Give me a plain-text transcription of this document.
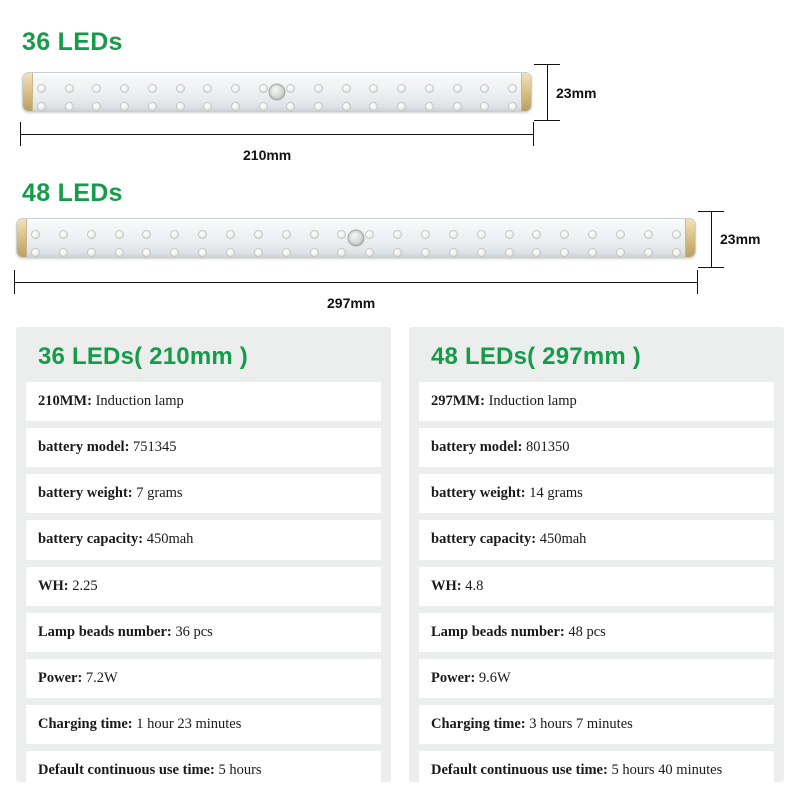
36 LEDs
23mm
210mm
48 LEDs
23mm
297mm
36 LEDs( 210mm )
210MM: Induction lamp
battery model: 751345
battery weight: 7 grams
battery capacity: 450mah
WH: 2.25
Lamp beads number: 36 pcs
Power: 7.2W
Charging time: 1 hour 23 minutes
Default continuous use time: 5 hours
48 LEDs( 297mm )
297MM: Induction lamp
battery model: 801350
battery weight: 14 grams
battery capacity: 450mah
WH: 4.8
Lamp beads number: 48 pcs
Power: 9.6W
Charging time: 3 hours 7 minutes
Default continuous use time: 5 hours 40 minutes
